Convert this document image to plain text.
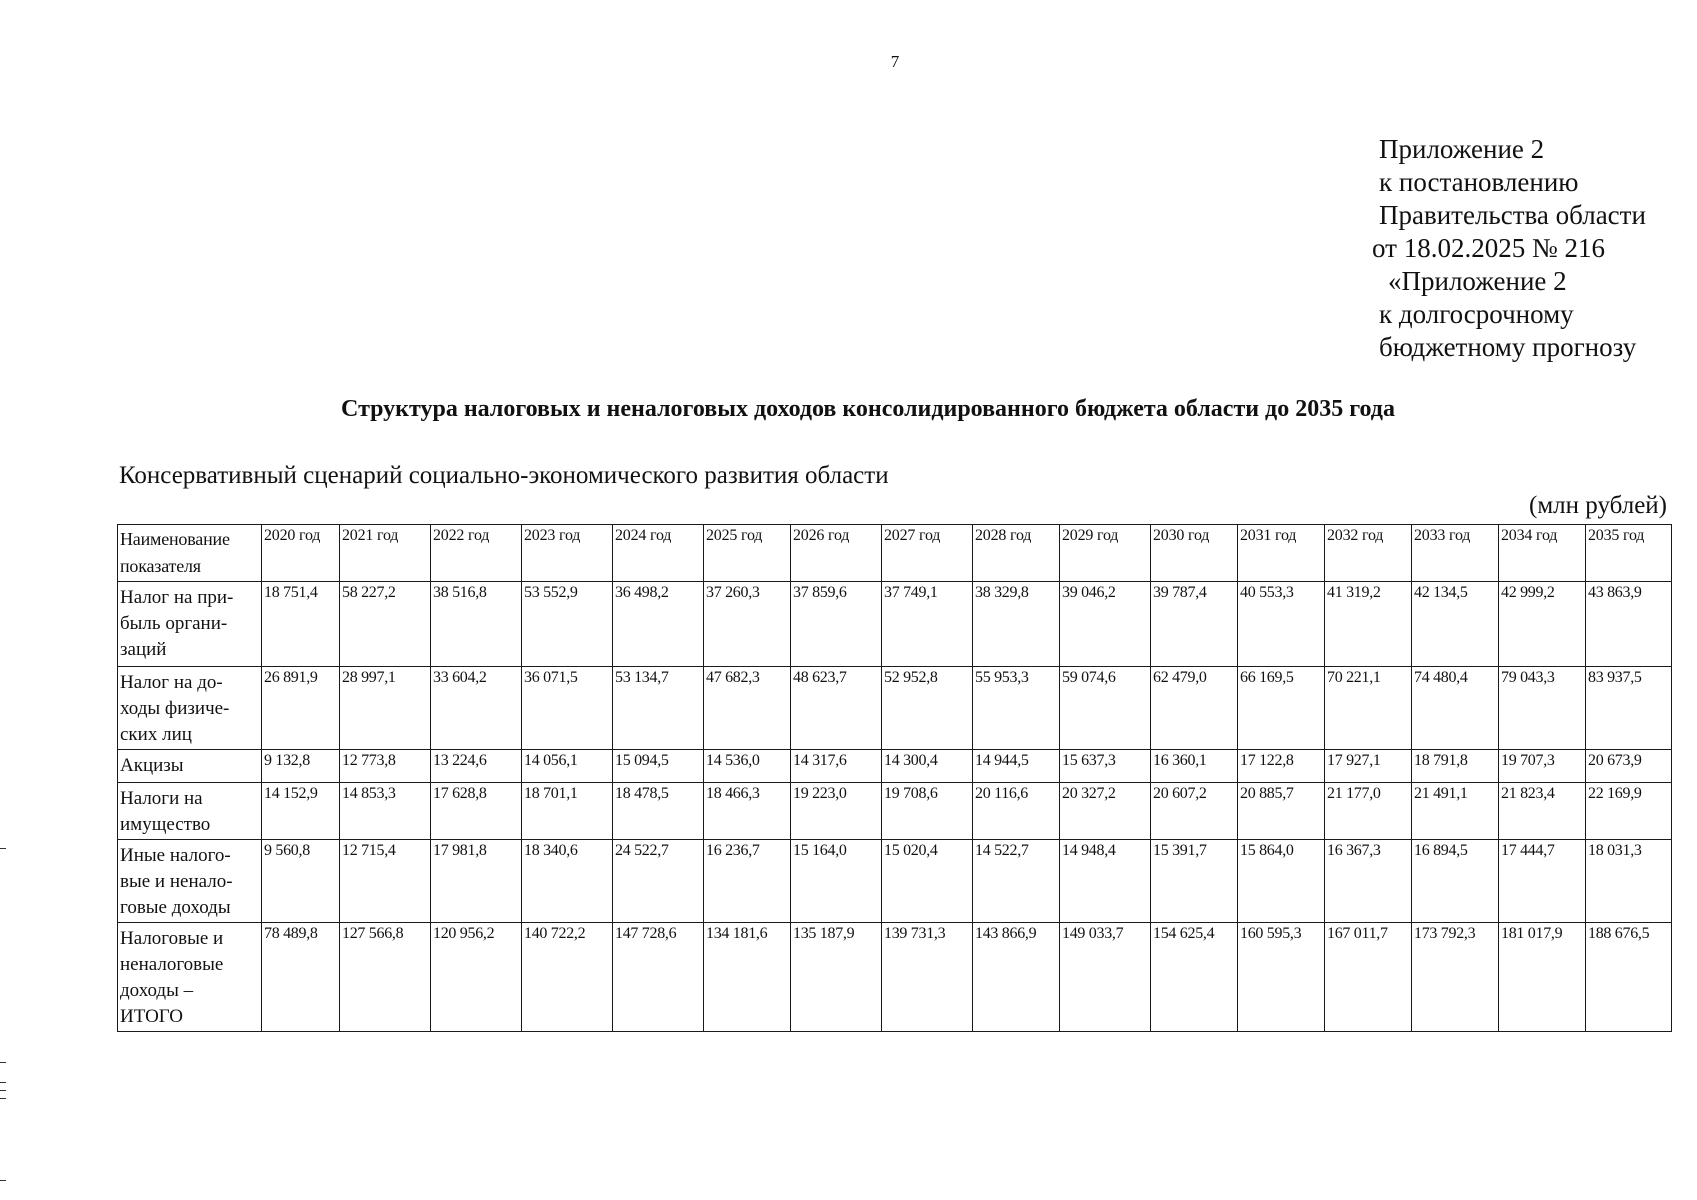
7
Приложение 2
к постановлению
Правительства области
от 18.02.2025 № 216
«Приложение 2
к долгосрочному
бюджетному прогнозу
Структура налоговых и неналоговых доходов консолидированного бюджета области до 2035 года
Консервативный сценарий социально-экономического развития области
(млн рублей)
Наименование показателя	2020 год	2021 год	2022 год	2023 год	2024 год	2025 год	2026 год	2027 год	2028 год	2029 год	2030 год	2031 год	2032 год	2033 год	2034 год	2035 год
Налог на при-быль органи-заций	18 751,4	58 227,2	38 516,8	53 552,9	36 498,2	37 260,3	37 859,6	37 749,1	38 329,8	39 046,2	39 787,4	40 553,3	41 319,2	42 134,5	42 999,2	43 863,9
Налог на до-ходы физиче-ских лиц	26 891,9	28 997,1	33 604,2	36 071,5	53 134,7	47 682,3	48 623,7	52 952,8	55 953,3	59 074,6	62 479,0	66 169,5	70 221,1	74 480,4	79 043,3	83 937,5
Акцизы	9 132,8	12 773,8	13 224,6	14 056,1	15 094,5	14 536,0	14 317,6	14 300,4	14 944,5	15 637,3	16 360,1	17 122,8	17 927,1	18 791,8	19 707,3	20 673,9
Налоги на имущество	14 152,9	14 853,3	17 628,8	18 701,1	18 478,5	18 466,3	19 223,0	19 708,6	20 116,6	20 327,2	20 607,2	20 885,7	21 177,0	21 491,1	21 823,4	22 169,9
Иные налого-вые и ненало-говые доходы	9 560,8	12 715,4	17 981,8	18 340,6	24 522,7	16 236,7	15 164,0	15 020,4	14 522,7	14 948,4	15 391,7	15 864,0	16 367,3	16 894,5	17 444,7	18 031,3
Налоговые и неналоговые доходы – ИТОГО	78 489,8	127 566,8	120 956,2	140 722,2	147 728,6	134 181,6	135 187,9	139 731,3	143 866,9	149 033,7	154 625,4	160 595,3	167 011,7	173 792,3	181 017,9	188 676,5
